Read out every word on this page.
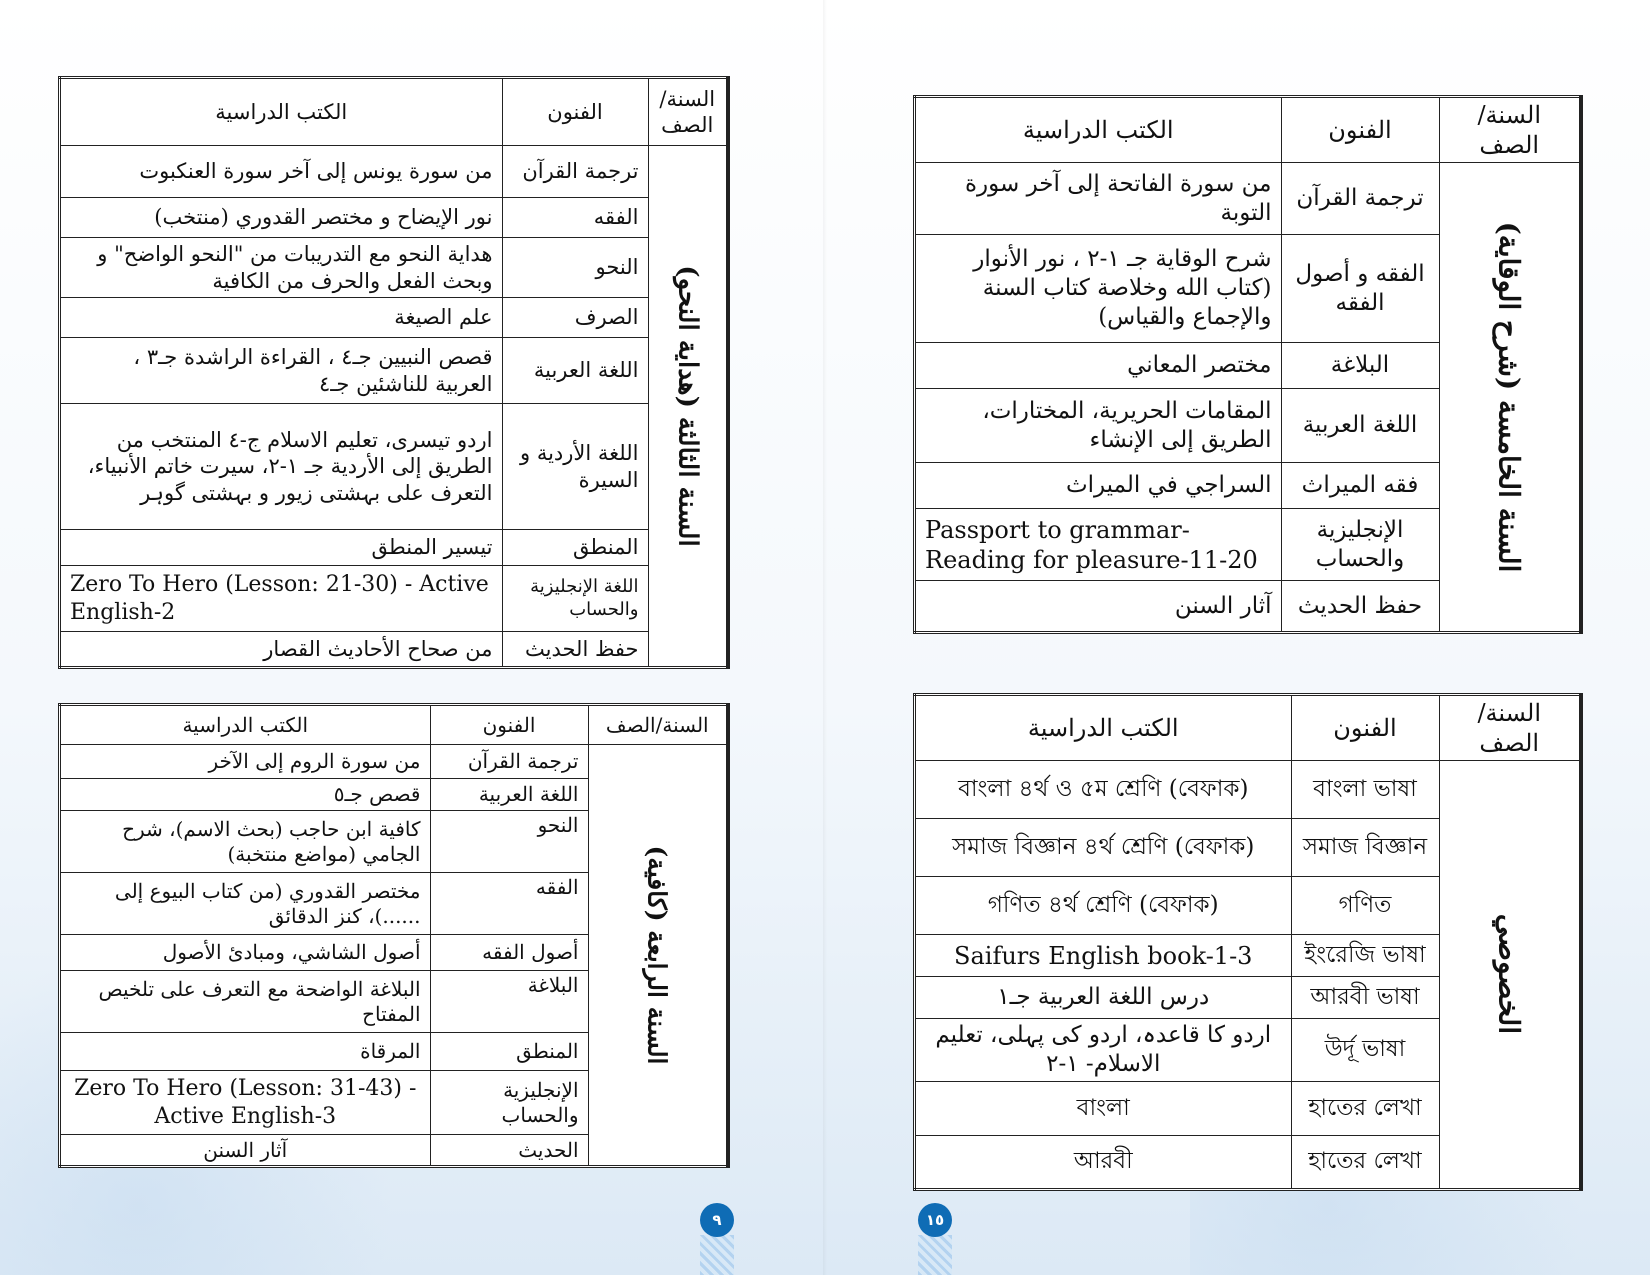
السنة/ الصف	الفنون	الكتب الدراسية

السنة الثالثة (هداية النحو)	ترجمة القرآن	من سورة يونس إلى آخر سورة العنكبوت
	الفقه	نور الإيضاح و مختصر القدوري (منتخب)
	النحو	هداية النحو مع التدريبات من "النحو الواضح" و وبحث الفعل والحرف من الكافية
	الصرف	علم الصيغة
	اللغة العربية	قصص النبيين جـ٤ ، القراءة الراشدة جـ٣ ، العربية للناشئين جـ٤
	اللغة الأردية و السيرة	اردو تیسری، تعلیم الاسلام ج-٤ المنتخب من الطريق إلى الأردية جـ ١-٢، سیرت خاتم الأنبیاء، التعرف على بہشتی زیور و بہشتی گوہر
	المنطق	تيسير المنطق
	اللغة الإنجليزية والحساب	Zero To Hero (Lesson: 21-30) - Active English-2
	حفظ الحديث	من صحاح الأحاديث القصار
السنة/الصف	الفنون	الكتب الدراسية

السنة الرابعة (كافية)	ترجمة القرآن	من سورة الروم إلى الآخر
	اللغة العربية	قصص جـ٥
	النحو	كافية ابن حاجب (بحث الاسم)، شرح الجامي (مواضع منتخبة)
	الفقه	مختصر القدوري (من كتاب البيوع إلى ......)، كنز الدقائق
	أصول الفقه	أصول الشاشي، ومبادئ الأصول
	البلاغة	البلاغة الواضحة مع التعرف على تلخيص المفتاح
	المنطق	المرقاة
	الإنجليزية والحساب	Zero To Hero (Lesson: 31-43) - Active English-3
	الحديث	آثار السنن
السنة/الصف	الفنون	الكتب الدراسية

السنة الخامسة (شرح الوقاية)	ترجمة القرآن	من سورة الفاتحة إلى آخر سورة التوبة
	الفقه و أصول الفقه	شرح الوقاية جـ ١-٢ ، نور الأنوار (كتاب الله وخلاصة كتاب السنة والإجماع والقياس)
	البلاغة	مختصر المعاني
	اللغة العربية	المقامات الحريرية، المختارات، الطريق إلى الإنشاء
	فقه الميراث	السراجي في الميراث
	الإنجليزية والحساب	Passport to grammar- Reading for pleasure-11-20
	حفظ الحديث	آثار السنن
السنة/الصف	الفنون	الكتب الدراسية

الخصوصي	বাংলা ভাষা	বাংলা ৪র্থ ও ৫ম শ্রেণি (বেফাক)
	সমাজ বিজ্ঞান	সমাজ বিজ্ঞান ৪র্থ শ্রেণি (বেফাক)
	গণিত	গণিত ৪র্থ শ্রেণি (বেফাক)
	ইংরেজি ভাষা	Saifurs English book-1-3
	আরবী ভাষা	درس اللغة العربية جـ١
	উর্দূ ভাষা	اردو کا قاعدہ، اردو کی پہلی، تعلیم الاسلام- ١-٢
	হাতের লেখা	বাংলা
	হাতের লেখা	আরবী
٩	١٥
